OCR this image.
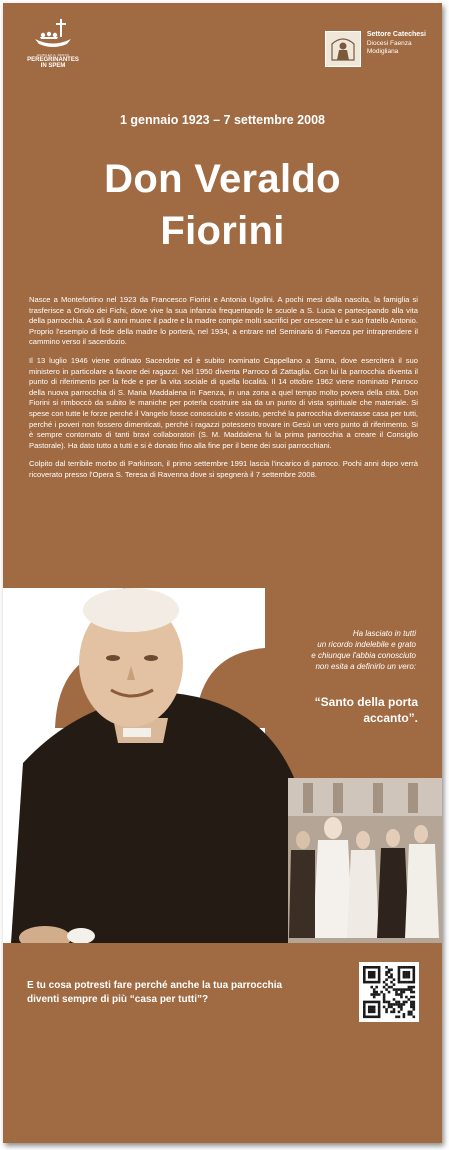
GIUBILEO A. DMXXV
PEREGRINANTES
IN SPEM
Settore Catechesi
Diocesi Faenza
Modigliana
1 gennaio 1923 – 7 settembre 2008
Don Veraldo
Fiorini

Nasce a Montefortino nel 1923 da Francesco Fiorini e Antonia Ugolini. A pochi mesi dalla nascita, la famiglia si trasferisce a Oriolo dei Fichi, dove vive la sua infanzia frequentando le scuole a S. Lucia e partecipando alla vita della parrocchia. A soli 8 anni muore il padre e la madre compie molti sacrifici per crescere lui e suo fratello Antonio. Proprio l'esempio di fede della madre lo porterà, nel 1934, a entrare nel Seminario di Faenza per intraprendere il cammino verso il sacerdozio.

Il 13 luglio 1946 viene ordinato Sacerdote ed è subito nominato Cappellano a Sarna, dove eserciterà il suo ministero in particolare a favore dei ragazzi. Nel 1950 diventa Parroco di Zattaglia. Con lui la parrocchia diventa il punto di riferimento per la fede e per la vita sociale di quella località. Il 14 ottobre 1962 viene nominato Parroco della nuova parrocchia di S. Maria Maddalena in Faenza, in una zona a quel tempo molto povera della città. Don Fiorini si rimboccò da subito le maniche per poterla costruire sia da un punto di vista spirituale che materiale. Si spese con tutte le forze perché il Vangelo fosse conosciuto e vissuto, perché la parrocchia diventasse casa per tutti, perché i poveri non fossero dimenticati, perché i ragazzi potessero trovare in Gesù un vero punto di riferimento. Si è sempre contornato di tanti bravi collaboratori (S. M. Maddalena fu la prima parrocchia a creare il Consiglio Pastorale). Ha dato tutto a tutti e si è donato fino alla fine per il bene dei suoi parrocchiani.

Colpito dal terribile morbo di Parkinson, il primo settembre 1991 lascia l'incarico di parroco. Pochi anni dopo verrà ricoverato presso l'Opera S. Teresa di Ravenna dove si spegnerà il 7 settembre 2008.

Ha lasciato in tutti
un ricordo indelebile e grato
e chiunque l'abbia conosciuto
non esita a definirlo un vero:
“Santo della porta
accanto”.
E tu cosa potresti fare perché anche la tua parrocchia
diventi sempre di più “casa per tutti”?
